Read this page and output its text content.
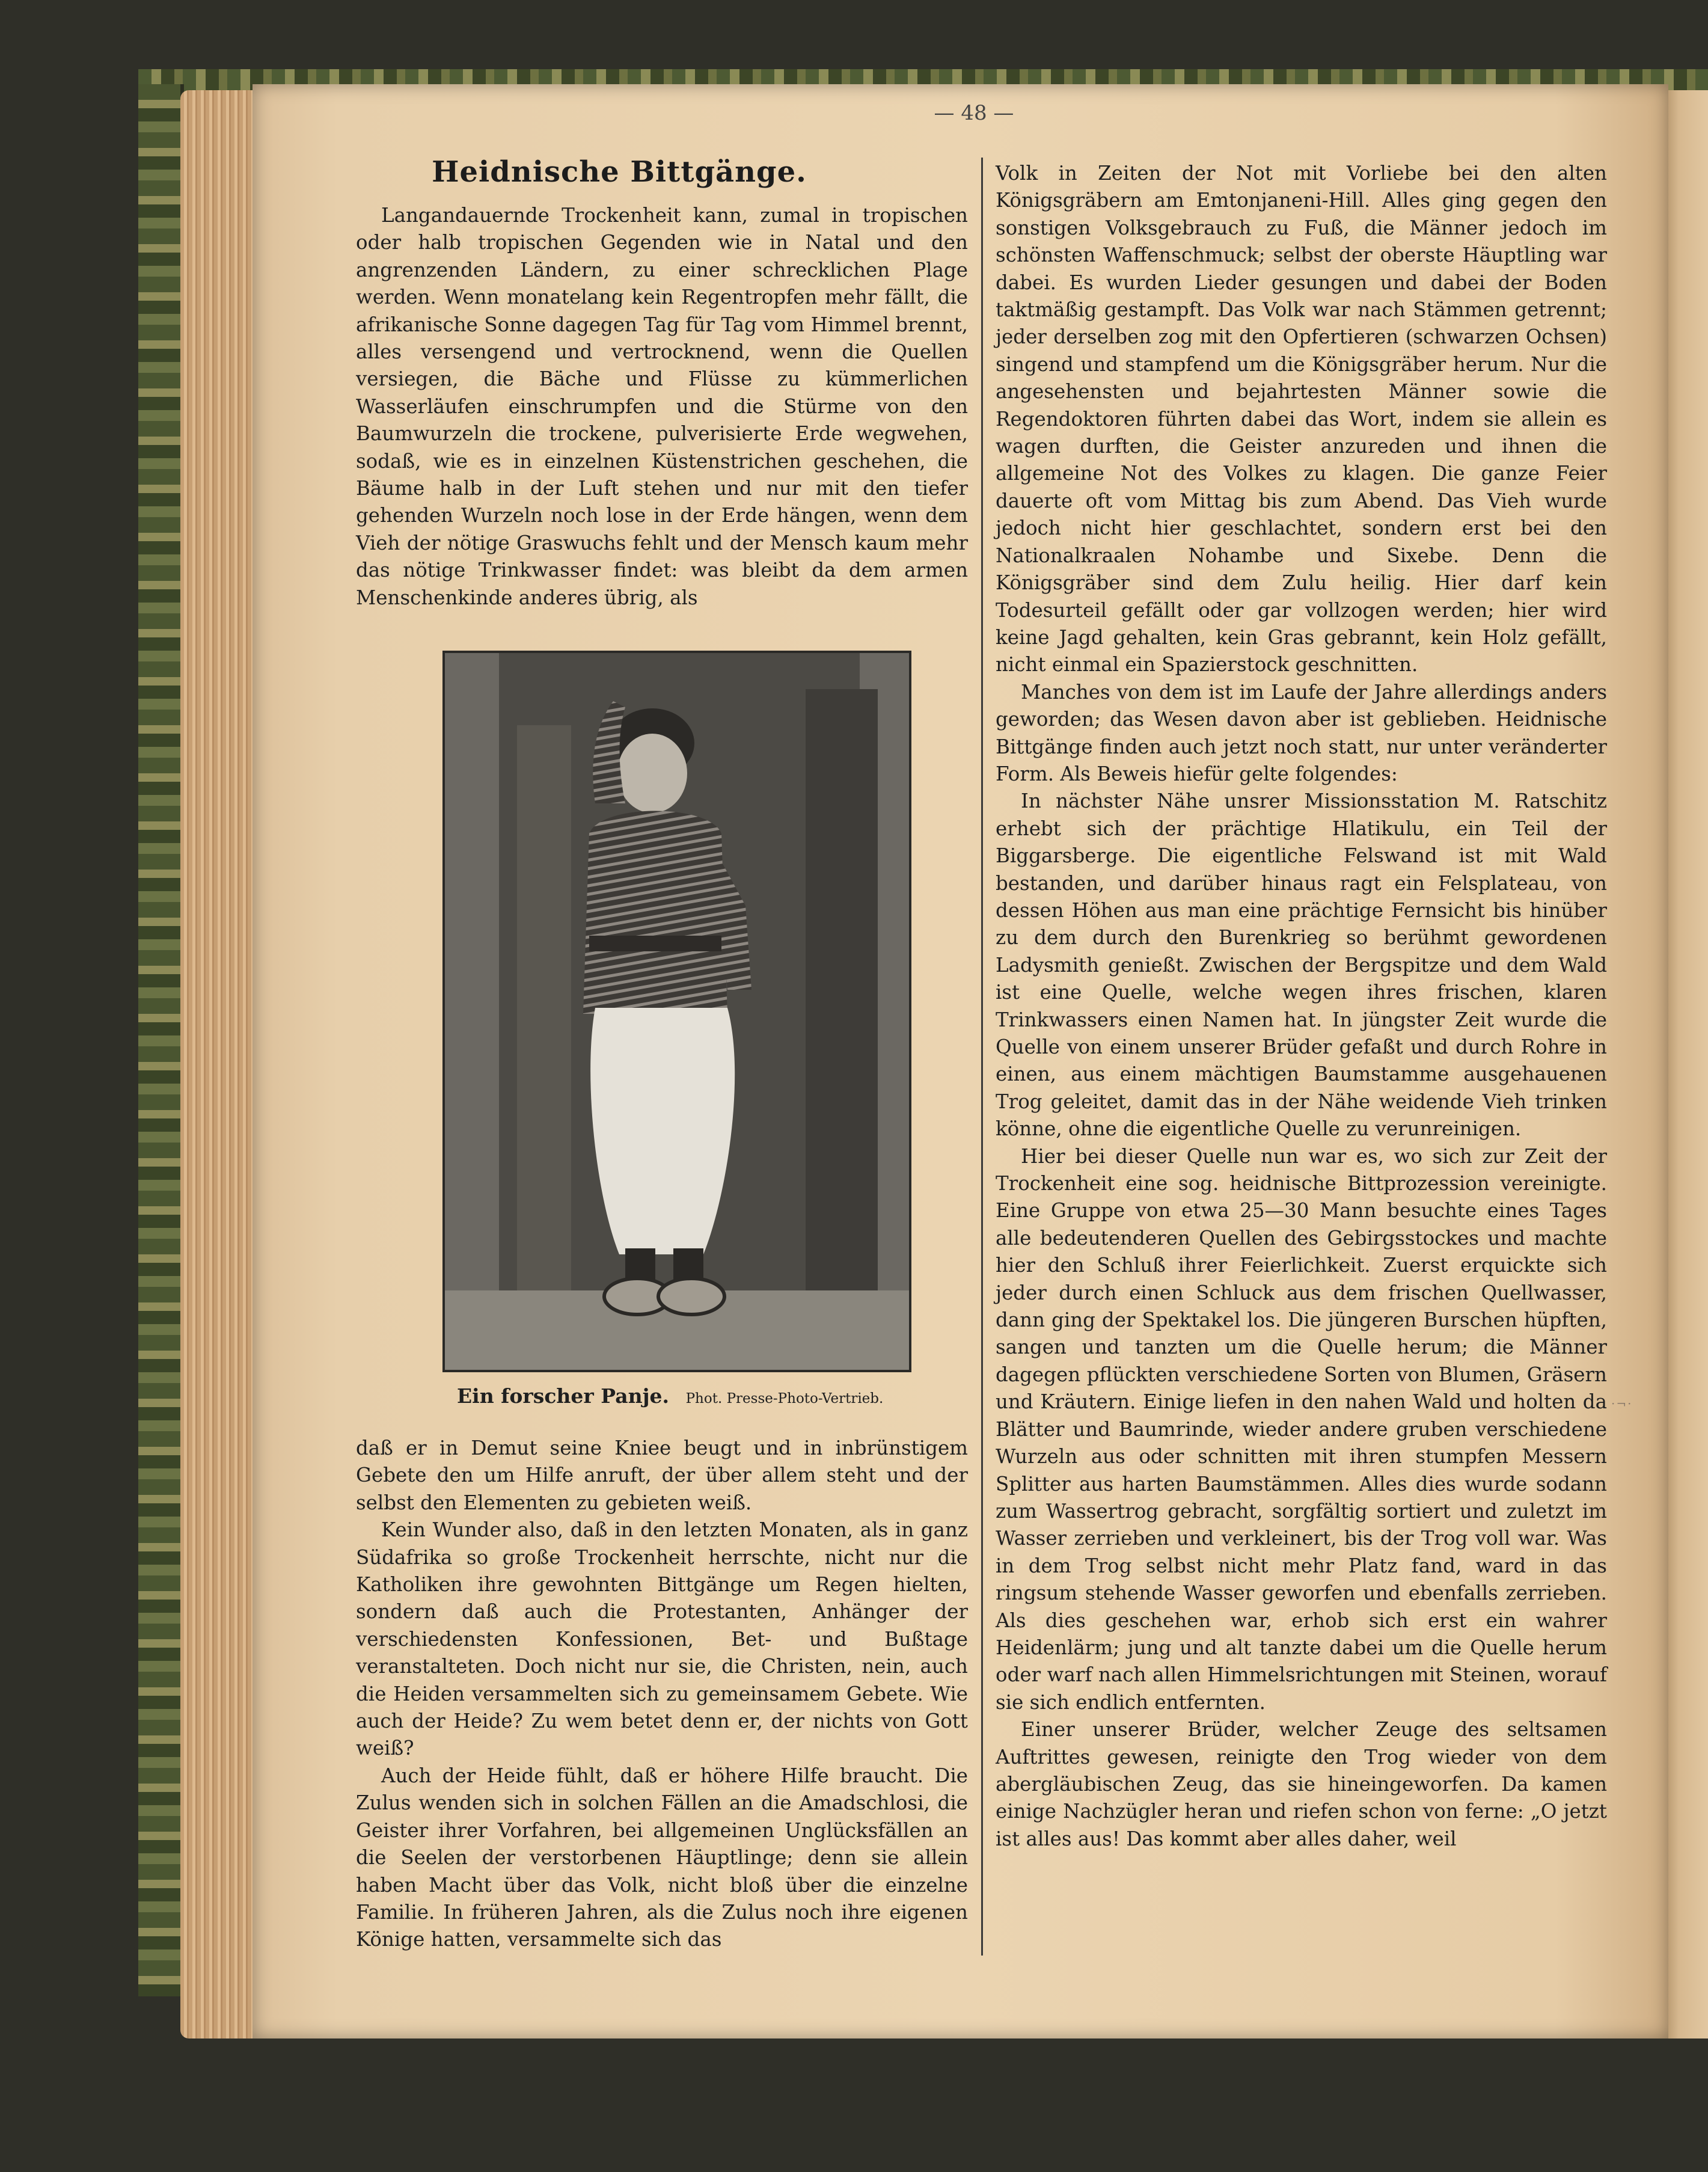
— 48 —
Heidnische Bittgänge.

Langandauernde Trockenheit kann, zumal in tropischen oder halb tropischen Gegenden wie in Natal und den angrenzenden Ländern, zu einer schrecklichen Plage werden. Wenn monatelang kein Regentropfen mehr fällt, die afrikanische Sonne dagegen Tag für Tag vom Himmel brennt, alles versengend und vertrocknend, wenn die Quellen versiegen, die Bäche und Flüsse zu kümmerlichen Wasserläufen einschrumpfen und die Stürme von den Baumwurzeln die trockene, pulverisierte Erde wegwehen, sodaß, wie es in einzelnen Küstenstrichen geschehen, die Bäume halb in der Luft stehen und nur mit den tiefer gehenden Wurzeln noch lose in der Erde hängen, wenn dem Vieh der nötige Graswuchs fehlt und der Mensch kaum mehr das nötige Trinkwasser findet: was bleibt da dem armen Menschenkinde anderes übrig, als

Ein forscher Panje. Phot. Presse-Photo-Vertrieb.

daß er in Demut seine Kniee beugt und in inbrünstigem Gebete den um Hilfe anruft, der über allem steht und der selbst den Elementen zu gebieten weiß.

Kein Wunder also, daß in den letzten Monaten, als in ganz Südafrika so große Trockenheit herrschte, nicht nur die Katholiken ihre gewohnten Bittgänge um Regen hielten, sondern daß auch die Protestanten, Anhänger der verschiedensten Konfessionen, Bet- und Bußtage veranstalteten. Doch nicht nur sie, die Christen, nein, auch die Heiden versammelten sich zu gemeinsamem Gebete. Wie auch der Heide? Zu wem betet denn er, der nichts von Gott weiß?

Auch der Heide fühlt, daß er höhere Hilfe braucht. Die Zulus wenden sich in solchen Fällen an die Amadschlosi, die Geister ihrer Vorfahren, bei allgemeinen Unglücksfällen an die Seelen der verstorbenen Häuptlinge; denn sie allein haben Macht über das Volk, nicht bloß über die einzelne Familie. In früheren Jahren, als die Zulus noch ihre eigenen Könige hatten, versammelte sich das

Volk in Zeiten der Not mit Vorliebe bei den alten Königsgräbern am Emtonjaneni-Hill. Alles ging gegen den sonstigen Volksgebrauch zu Fuß, die Männer jedoch im schönsten Waffenschmuck; selbst der oberste Häuptling war dabei. Es wurden Lieder gesungen und dabei der Boden taktmäßig gestampft. Das Volk war nach Stämmen getrennt; jeder derselben zog mit den Opfertieren (schwarzen Ochsen) singend und stampfend um die Königsgräber herum. Nur die angesehensten und bejahrtesten Männer sowie die Regendoktoren führten dabei das Wort, indem sie allein es wagen durften, die Geister anzureden und ihnen die allgemeine Not des Volkes zu klagen. Die ganze Feier dauerte oft vom Mittag bis zum Abend. Das Vieh wurde jedoch nicht hier geschlachtet, sondern erst bei den Nationalkraalen Nohambe und Sixebe. Denn die Königsgräber sind dem Zulu heilig. Hier darf kein Todesurteil gefällt oder gar vollzogen werden; hier wird keine Jagd gehalten, kein Gras gebrannt, kein Holz gefällt, nicht einmal ein Spazierstock geschnitten.

Manches von dem ist im Laufe der Jahre allerdings anders geworden; das Wesen davon aber ist geblieben. Heidnische Bittgänge finden auch jetzt noch statt, nur unter veränderter Form. Als Beweis hiefür gelte folgendes:

In nächster Nähe unsrer Missionsstation M. Ratschitz erhebt sich der prächtige Hlatikulu, ein Teil der Biggarsberge. Die eigentliche Felswand ist mit Wald bestanden, und darüber hinaus ragt ein Felsplateau, von dessen Höhen aus man eine prächtige Fernsicht bis hinüber zu dem durch den Burenkrieg so berühmt gewordenen Ladysmith genießt. Zwischen der Bergspitze und dem Wald ist eine Quelle, welche wegen ihres frischen, klaren Trinkwassers einen Namen hat. In jüngster Zeit wurde die Quelle von einem unserer Brüder gefaßt und durch Rohre in einen, aus einem mächtigen Baumstamme ausgehauenen Trog geleitet, damit das in der Nähe weidende Vieh trinken könne, ohne die eigentliche Quelle zu verunreinigen.

Hier bei dieser Quelle nun war es, wo sich zur Zeit der Trockenheit eine sog. heidnische Bittprozession vereinigte. Eine Gruppe von etwa 25—30 Mann besuchte eines Tages alle bedeutenderen Quellen des Gebirgsstockes und machte hier den Schluß ihrer Feierlichkeit. Zuerst erquickte sich jeder durch einen Schluck aus dem frischen Quellwasser, dann ging der Spektakel los. Die jüngeren Burschen hüpften, sangen und tanzten um die Quelle herum; die Männer dagegen pflückten verschiedene Sorten von Blumen, Gräsern und Kräutern. Einige liefen in den nahen Wald und holten da Blätter und Baumrinde, wieder andere gruben verschiedene Wurzeln aus oder schnitten mit ihren stumpfen Messern Splitter aus harten Baumstämmen. Alles dies wurde sodann zum Wassertrog gebracht, sorgfältig sortiert und zuletzt im Wasser zerrieben und verkleinert, bis der Trog voll war. Was in dem Trog selbst nicht mehr Platz fand, ward in das ringsum stehende Wasser geworfen und ebenfalls zerrieben. Als dies geschehen war, erhob sich erst ein wahrer Heidenlärm; jung und alt tanzte dabei um die Quelle herum oder warf nach allen Himmelsrichtungen mit Steinen, worauf sie sich endlich entfernten.

Einer unserer Brüder, welcher Zeuge des seltsamen Auftrittes gewesen, reinigte den Trog wieder von dem abergläubischen Zeug, das sie hineingeworfen. Da kamen einige Nachzügler heran und riefen schon von ferne: „O jetzt ist alles aus! Das kommt aber alles daher, weil

·¬·
